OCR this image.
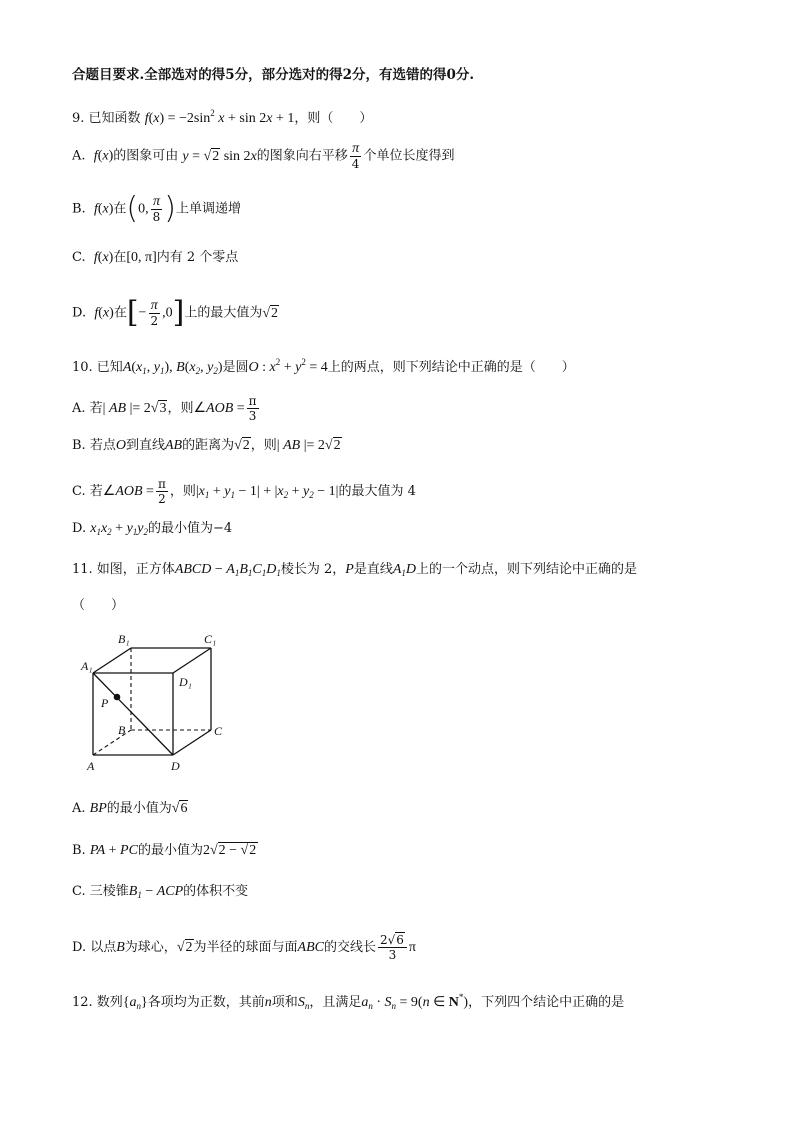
合题目要求.全部选对的得5分，部分选对的得2分，有选错的得0分.
9. 已知函数 $f(x) = -2\sin^2$ x + sin 2x + 1，则（　　）
A. f(x)的图象可由 y = √2 sin 2x的图象向右平移 $\frac{\pi}{4}$ 个单位长度得到
B. f(x)在(0, $\frac{\pi}{8}$ )上单调递增
C. f(x)在[0, π]内有 2 个零点
D. f(x)在[− $\frac{\pi}{2} ,0$]上的最大值为√2
10. 已知$A(x_1$, $y_1$), $B(x_2$, $y_2$)是圆O : $x^2 + y^2 = 4$上的两点，则下列结论中正确的是（　　）
A. 若| AB |= 2√3，则∠AOB = $\frac{\pi}{3}$
B. 若点O到直线AB的距离为√2，则| AB |= 2√2
C. 若∠AOB = $\frac{\pi}{2}$ ，则$|x_1 + y_1 - 1| + |x_2 + y_2 - 1|$的最大值为 4
D. $x_1x_2 + y_1y_2$的最小值为−4
11. 如图，正方体ABCD − $A_1B_1C_1D_1$棱长为 2，P是直线$A_1D$上的一个动点，则下列结论中正确的是
（　　）
B₁	C₁
A₁
D₁
P
B	C
A	D
A. BP的最小值为√6
B. PA + PC的最小值为2√2 − √2
C. 三棱锥$B_1$ − ACP的体积不变
D. 以点B为球心，√2为半径的球面与面ABC的交线长 $\frac{2√6}{3}$ π
12. 数列$\{a_n\}$各项均为正数，其前n项和$S_n$，且满足$a_n \cdot S_n = 9(n$ ∈ N*)，下列四个结论中正确的是
